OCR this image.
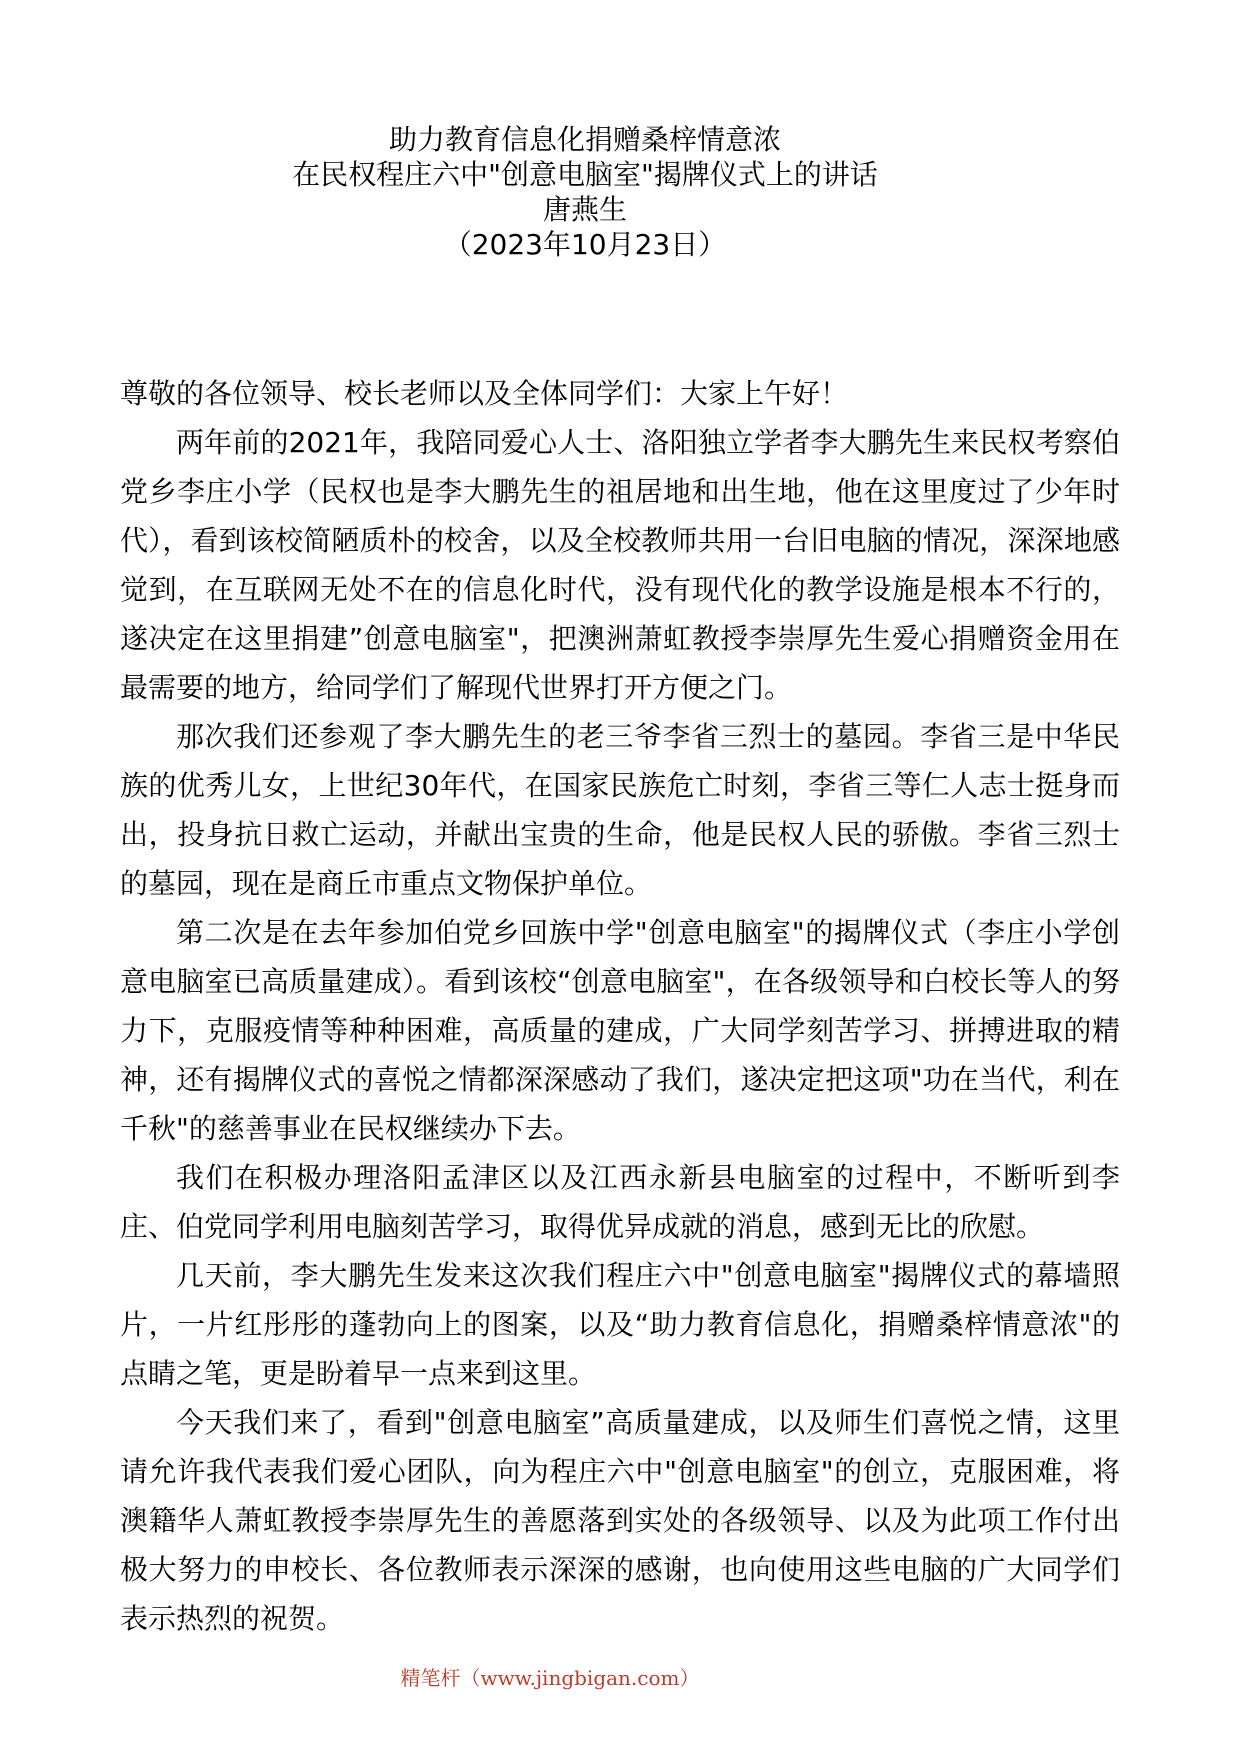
助力教育信息化捐赠桑梓情意浓

在民权程庄六中"创意电脑室"揭牌仪式上的讲话

唐燕生

（2023年10月23日）

尊敬的各位领导、校长老师以及全体同学们：大家上午好！

两年前的2021年，我陪同爱心人士、洛阳独立学者李大鹏先生来民权考察伯党乡李庄小学（民权也是李大鹏先生的祖居地和出生地，他在这里度过了少年时代），看到该校简陋质朴的校舍，以及全校教师共用一台旧电脑的情况，深深地感觉到，在互联网无处不在的信息化时代，没有现代化的教学设施是根本不行的，遂决定在这里捐建”创意电脑室"，把澳洲萧虹教授李崇厚先生爱心捐赠资金用在最需要的地方，给同学们了解现代世界打开方便之门。

那次我们还参观了李大鹏先生的老三爷李省三烈士的墓园。李省三是中华民族的优秀儿女，上世纪30年代，在国家民族危亡时刻，李省三等仁人志士挺身而出，投身抗日救亡运动，并献出宝贵的生命，他是民权人民的骄傲。李省三烈士的墓园，现在是商丘市重点文物保护单位。

第二次是在去年参加伯党乡回族中学"创意电脑室"的揭牌仪式（李庄小学创意电脑室已高质量建成）。看到该校“创意电脑室"，在各级领导和白校长等人的努力下，克服疫情等种种困难，高质量的建成，广大同学刻苦学习、拼搏进取的精神，还有揭牌仪式的喜悦之情都深深感动了我们，遂决定把这项"功在当代，利在千秋"的慈善事业在民权继续办下去。

我们在积极办理洛阳孟津区以及江西永新县电脑室的过程中，不断听到李庄、伯党同学利用电脑刻苦学习，取得优异成就的消息，感到无比的欣慰。

几天前，李大鹏先生发来这次我们程庄六中"创意电脑室"揭牌仪式的幕墙照片，一片红彤彤的蓬勃向上的图案，以及“助力教育信息化，捐赠桑梓情意浓"的点睛之笔，更是盼着早一点来到这里。

今天我们来了，看到"创意电脑室”高质量建成，以及师生们喜悦之情，这里请允许我代表我们爱心团队，向为程庄六中"创意电脑室"的创立，克服困难，将澳籍华人萧虹教授李崇厚先生的善愿落到实处的各级领导、以及为此项工作付出极大努力的申校长、各位教师表示深深的感谢，也向使用这些电脑的广大同学们表示热烈的祝贺。

精笔杆（www.jingbigan.com）
